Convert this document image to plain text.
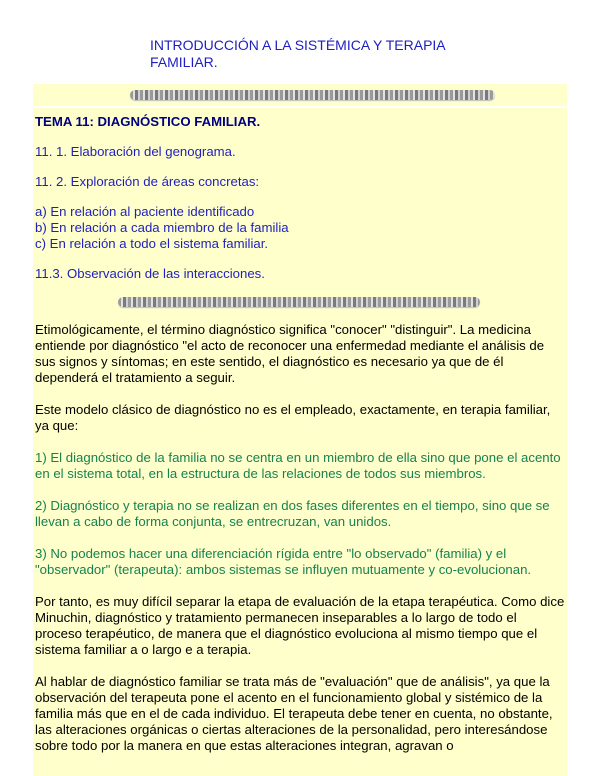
INTRODUCCIÓN A LA SISTÉMICA Y TERAPIA FAMILIAR.

TEMA 11: DIAGNÓSTICO FAMILIAR.

11. 1. Elaboración del genograma.

11. 2. Exploración de áreas concretas:

a) En relación al paciente identificado
b) En relación a cada miembro de la familia
c) En relación a todo el sistema familiar.

11.3. Observación de las interacciones.

Etimológicamente, el término diagnóstico significa "conocer" "distinguir". La medicina entiende por diagnóstico "el acto de reconocer una enfermedad mediante el análisis de sus signos y síntomas; en este sentido, el diagnóstico es necesario ya que de él dependerá el tratamiento a seguir.

Este modelo clásico de diagnóstico no es el empleado, exactamente, en terapia familiar, ya que:

1) El diagnóstico de la familia no se centra en un miembro de ella sino que pone el acento en el sistema total, en la estructura de las relaciones de todos sus miembros.

2) Diagnóstico y terapia no se realizan en dos fases diferentes en el tiempo, sino que se llevan a cabo de forma conjunta, se entrecruzan, van unidos.

3) No podemos hacer una diferenciación rígida entre "lo observado" (familia) y el "observador" (terapeuta): ambos sistemas se influyen mutuamente y co-evolucionan.

Por tanto, es muy difícil separar la etapa de evaluación de la etapa terapéutica. Como dice Minuchin, diagnóstico y tratamiento permanecen inseparables a lo largo de todo el proceso terapéutico, de manera que el diagnóstico evoluciona al mismo tiempo que el sistema familiar a o largo e a terapia.

Al hablar de diagnóstico familiar se trata más de "evaluación" que de análisis", ya que la observación del terapeuta pone el acento en el funcionamiento global y sistémico de la familia más que en el de cada individuo. El terapeuta debe tener en cuenta, no obstante, las alteraciones orgánicas o ciertas alteraciones de la personalidad, pero interesándose sobre todo por la manera en que estas alteraciones integran, agravan o
